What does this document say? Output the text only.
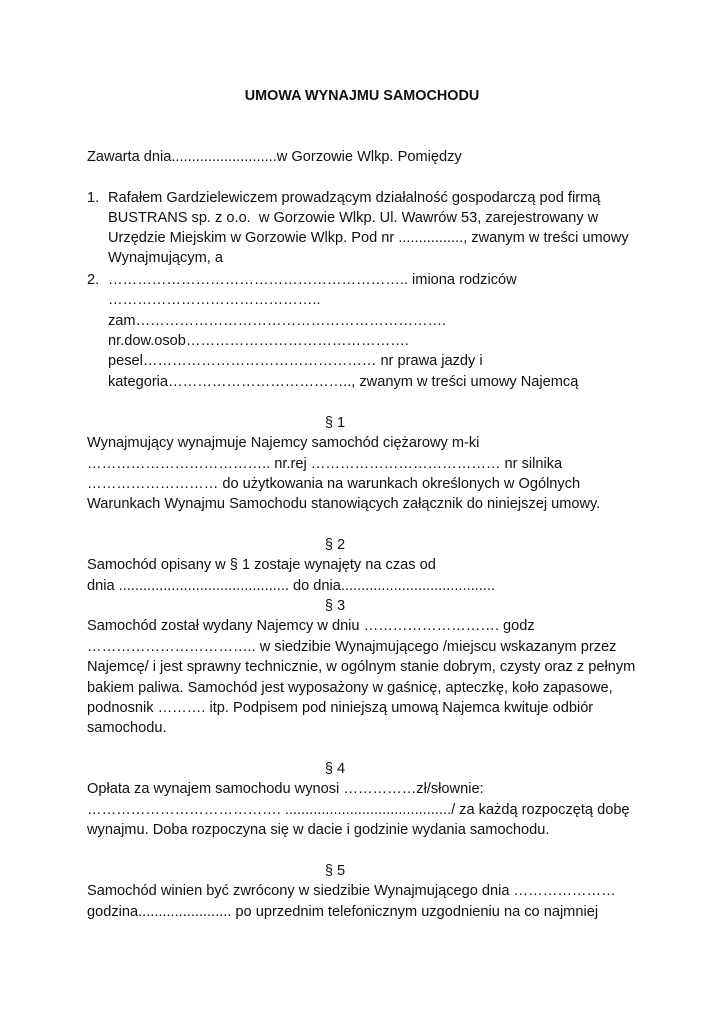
UMOWA WYNAJMU SAMOCHODU
Zawarta dnia..........................w Gorzowie Wlkp. Pomiędzy
1. Rafałem Gardzielewiczem prowadzącym działalność gospodarczą pod firmą
BUSTRANS sp. z o.o.  w Gorzowie Wlkp. Ul. Wawrów 53, zarejestrowany w
Urzędzie Miejskim w Gorzowie Wlkp. Pod nr ................, zwanym w treści umowy
Wynajmującym, a
2. …………………………………………………….. imiona rodziców
……………………………………..
zam……………………………………………………….
nr.dow.osob……………………………………….
pesel………………………………………… nr prawa jazdy i
kategoria……………………………….., zwanym w treści umowy Najemcą
§ 1
Wynajmujący wynajmuje Najemcy samochód ciężarowy m-ki
……………………………….. nr.rej ………………………………… nr silnika
……………………… do użytkowania na warunkach określonych w Ogólnych
Warunkach Wynajmu Samochodu stanowiących załącznik do niniejszej umowy.
§ 2
Samochód opisany w § 1 zostaje wynajęty na czas od
dnia .......................................... do dnia......................................
§ 3
Samochód został wydany Najemcy w dniu ………………………. godz
…………………………….. w siedzibie Wynajmującego /miejscu wskazanym przez
Najemcę/ i jest sprawny technicznie, w ogólnym stanie dobrym, czysty oraz z pełnym
bakiem paliwa. Samochód jest wyposażony w gaśnicę, apteczkę, koło zapasowe,
podnosnik ………. itp. Podpisem pod niniejszą umową Najemca kwituje odbiór
samochodu.
§ 4
Opłata za wynajem samochodu wynosi ……………zł/słownie:
…………………………………. ........................................./ za każdą rozpoczętą dobę
wynajmu. Doba rozpoczyna się w dacie i godzinie wydania samochodu.
§ 5
Samochód winien być zwrócony w siedzibie Wynajmującego dnia …………………
godzina....................... po uprzednim telefonicznym uzgodnieniu na co najmniej
